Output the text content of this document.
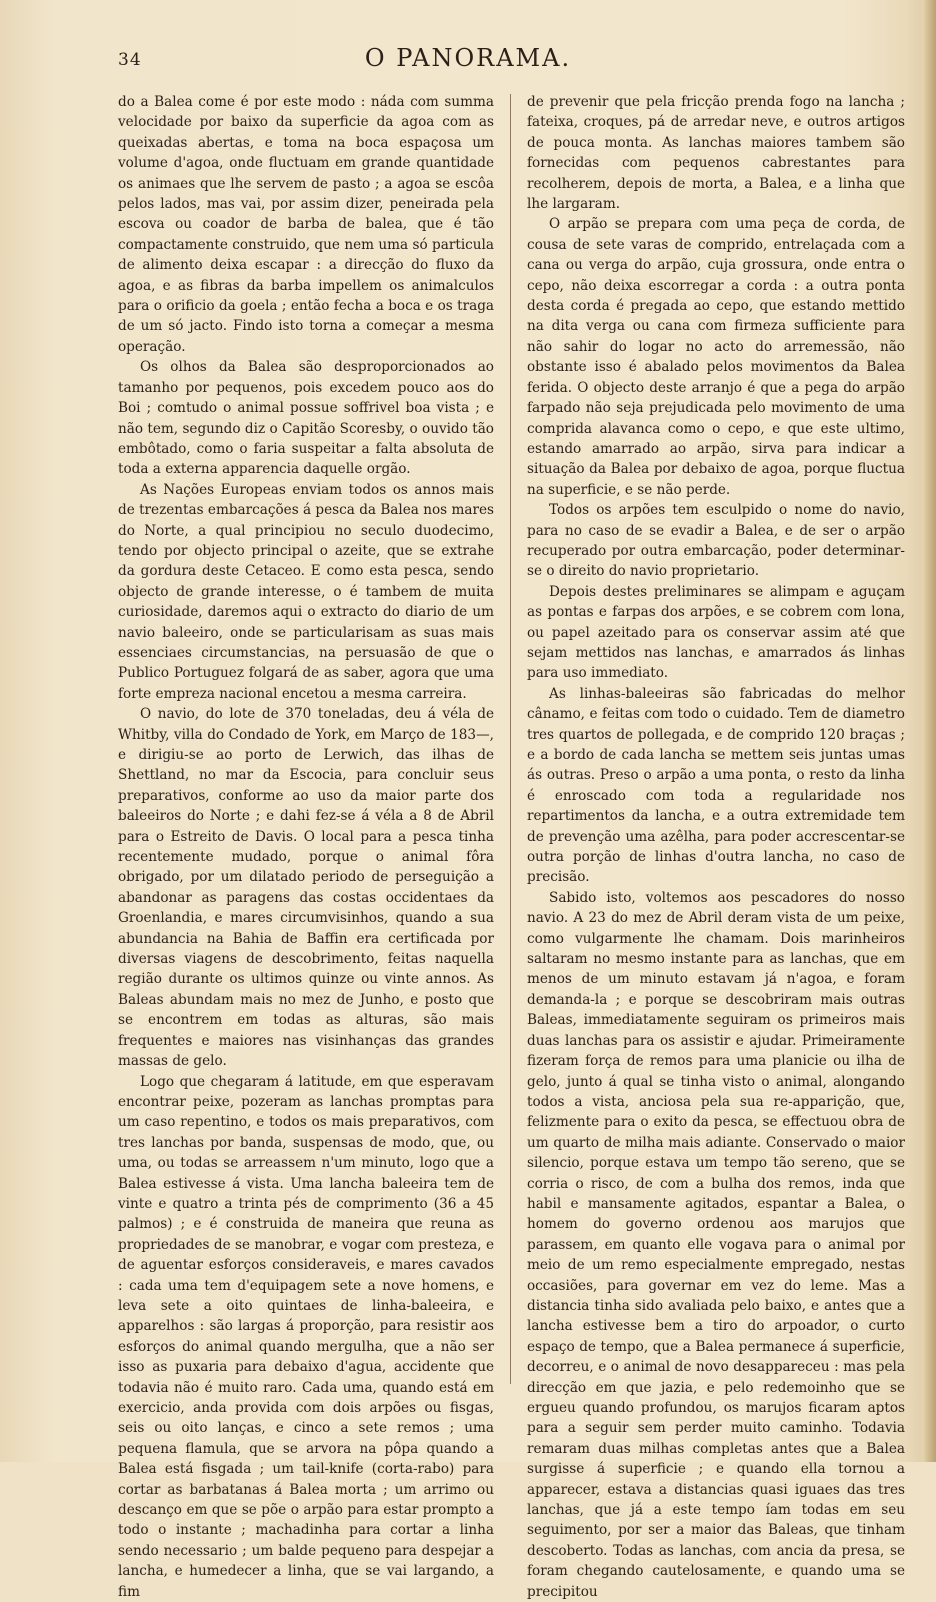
34	O PANORAMA.

do a Balea come é por este modo : náda com summa velocidade por baixo da superficie da agoa com as queixadas abertas, e toma na boca espaçosa um volume d'agoa, onde fluctuam em grande quantidade os animaes que lhe servem de pasto ; a agoa se escôa pelos lados, mas vai, por assim dizer, peneirada pela escova ou coador de barba de balea, que é tão compactamente construido, que nem uma só particula de alimento deixa escapar : a direcção do fluxo da agoa, e as fibras da barba impellem os animalculos para o orificio da goela ; então fecha a boca e os traga de um só jacto. Findo isto torna a começar a mesma operação.

Os olhos da Balea são desproporcionados ao tamanho por pequenos, pois excedem pouco aos do Boi ; comtudo o animal possue soffrivel boa vista ; e não tem, segundo diz o Capitão Scoresby, o ouvido tão embôtado, como o faria suspeitar a falta absoluta de toda a externa apparencia daquelle orgão.

As Nações Europeas enviam todos os annos mais de trezentas embarcações á pesca da Balea nos mares do Norte, a qual principiou no seculo duodecimo, tendo por objecto principal o azeite, que se extrahe da gordura deste Cetaceo. E como esta pesca, sendo objecto de grande interesse, o é tambem de muita curiosidade, daremos aqui o extracto do diario de um navio baleeiro, onde se particularisam as suas mais essenciaes circumstancias, na persuasão de que o Publico Portuguez folgará de as saber, agora que uma forte empreza nacional encetou a mesma carreira.

O navio, do lote de 370 toneladas, deu á véla de Whitby, villa do Condado de York, em Março de 183—, e dirigiu-se ao porto de Lerwich, das ilhas de Shettland, no mar da Escocia, para concluir seus preparativos, conforme ao uso da maior parte dos baleeiros do Norte ; e dahi fez-se á véla a 8 de Abril para o Estreito de Davis. O local para a pesca tinha recentemente mudado, porque o animal fôra obrigado, por um dilatado periodo de perseguição a abandonar as paragens das costas occidentaes da Groenlandia, e mares circumvisinhos, quando a sua abundancia na Bahia de Baffin era certificada por diversas viagens de descobrimento, feitas naquella região durante os ultimos quinze ou vinte annos. As Baleas abundam mais no mez de Junho, e posto que se encontrem em todas as alturas, são mais frequentes e maiores nas visinhanças das grandes massas de gelo.

Logo que chegaram á latitude, em que esperavam encontrar peixe, pozeram as lanchas promptas para um caso repentino, e todos os mais preparativos, com tres lanchas por banda, suspensas de modo, que, ou uma, ou todas se arreassem n'um minuto, logo que a Balea estivesse á vista. Uma lancha baleeira tem de vinte e quatro a trinta pés de comprimento (36 a 45 palmos) ; e é construida de maneira que reuna as propriedades de se manobrar, e vogar com presteza, e de aguentar esforços consideraveis, e mares cavados : cada uma tem d'equipagem sete a nove homens, e leva sete a oito quintaes de linha-baleeira, e apparelhos : são largas á proporção, para resistir aos esforços do animal quando mergulha, que a não ser isso as puxaria para debaixo d'agua, accidente que todavia não é muito raro. Cada uma, quando está em exercicio, anda provida com dois arpões ou fisgas, seis ou oito lanças, e cinco a sete remos ; uma pequena flamula, que se arvora na pôpa quando a Balea está fisgada ; um tail-knife (corta-rabo) para cortar as barbatanas á Balea morta ; um arrimo ou descanço em que se põe o arpão para estar prompto a todo o instante ; machadinha para cortar a linha sendo necessario ; um balde pequeno para despejar a lancha, e humedecer a linha, que se vai largando, a fim

de prevenir que pela fricção prenda fogo na lancha ; fateixa, croques, pá de arredar neve, e outros artigos de pouca monta. As lanchas maiores tambem são fornecidas com pequenos cabrestantes para recolherem, depois de morta, a Balea, e a linha que lhe largaram.

O arpão se prepara com uma peça de corda, de cousa de sete varas de comprido, entrelaçada com a cana ou verga do arpão, cuja grossura, onde entra o cepo, não deixa escorregar a corda : a outra ponta desta corda é pregada ao cepo, que estando mettido na dita verga ou cana com firmeza sufficiente para não sahir do logar no acto do arremessão, não obstante isso é abalado pelos movimentos da Balea ferida. O objecto deste arranjo é que a pega do arpão farpado não seja prejudicada pelo movimento de uma comprida alavanca como o cepo, e que este ultimo, estando amarrado ao arpão, sirva para indicar a situação da Balea por debaixo de agoa, porque fluctua na superficie, e se não perde.

Todos os arpões tem esculpido o nome do navio, para no caso de se evadir a Balea, e de ser o arpão recuperado por outra embarcação, poder determinar-se o direito do navio proprietario.

Depois destes preliminares se alimpam e aguçam as pontas e farpas dos arpões, e se cobrem com lona, ou papel azeitado para os conservar assim até que sejam mettidos nas lanchas, e amarrados ás linhas para uso immediato.

As linhas-baleeiras são fabricadas do melhor cânamo, e feitas com todo o cuidado. Tem de diametro tres quartos de pollegada, e de comprido 120 braças ; e a bordo de cada lancha se mettem seis juntas umas ás outras. Preso o arpão a uma ponta, o resto da linha é enroscado com toda a regularidade nos repartimentos da lancha, e a outra extremidade tem de prevenção uma azêlha, para poder accrescentar-se outra porção de linhas d'outra lancha, no caso de precisão.

Sabido isto, voltemos aos pescadores do nosso navio. A 23 do mez de Abril deram vista de um peixe, como vulgarmente lhe chamam. Dois marinheiros saltaram no mesmo instante para as lanchas, que em menos de um minuto estavam já n'agoa, e foram demanda-la ; e porque se descobriram mais outras Baleas, immediatamente seguiram os primeiros mais duas lanchas para os assistir e ajudar. Primeiramente fizeram força de remos para uma planicie ou ilha de gelo, junto á qual se tinha visto o animal, alongando todos a vista, anciosa pela sua re-apparição, que, felizmente para o exito da pesca, se effectuou obra de um quarto de milha mais adiante. Conservado o maior silencio, porque estava um tempo tão sereno, que se corria o risco, de com a bulha dos remos, inda que habil e mansamente agitados, espantar a Balea, o homem do governo ordenou aos marujos que parassem, em quanto elle vogava para o animal por meio de um remo especialmente empregado, nestas occasiões, para governar em vez do leme. Mas a distancia tinha sido avaliada pelo baixo, e antes que a lancha estivesse bem a tiro do arpoador, o curto espaço de tempo, que a Balea permanece á superficie, decorreu, e o animal de novo desappareceu : mas pela direcção em que jazia, e pelo redemoinho que se ergueu quando profundou, os marujos ficaram aptos para a seguir sem perder muito caminho. Todavia remaram duas milhas completas antes que a Balea surgisse á superficie ; e quando ella tornou a apparecer, estava a distancias quasi iguaes das tres lanchas, que já a este tempo íam todas em seu seguimento, por ser a maior das Baleas, que tinham descoberto. Todas as lanchas, com ancia da presa, se foram chegando cautelosamente, e quando uma se precipitou
